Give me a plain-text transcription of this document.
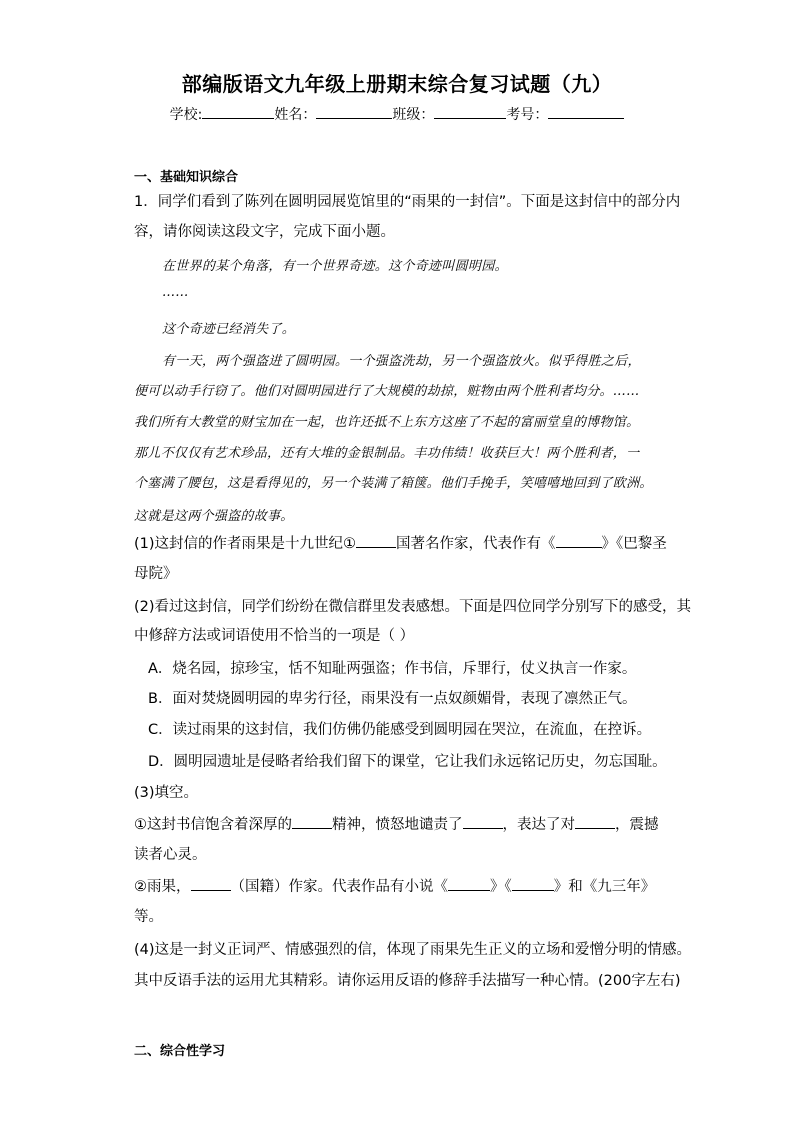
部编版语文九年级上册期末综合复习试题（九）
学校:	姓名：	班级：	考号：
一、基础知识综合
1．同学们看到了陈列在圆明园展览馆里的“雨果的一封信”。下面是这封信中的部分内
容，请你阅读这段文字，完成下面小题。
在世界的某个角落，有一个世界奇迹。这个奇迹叫圆明园。
……
这个奇迹已经消失了。
有一天，两个强盗进了圆明园。一个强盗洗劫，另一个强盗放火。似乎得胜之后，
便可以动手行窃了。他们对圆明园进行了大规模的劫掠，赃物由两个胜利者均分。……
我们所有大教堂的财宝加在一起，也许还抵不上东方这座了不起的富丽堂皇的博物馆。
那儿不仅仅有艺术珍品，还有大堆的金银制品。丰功伟绩！收获巨大！两个胜利者，一
个塞满了腰包，这是看得见的，另一个装满了箱箧。他们手挽手，笑嘻嘻地回到了欧洲。
这就是这两个强盗的故事。
(1)这封信的作者雨果是十九世纪①	国著名作家，代表作有《	》《巴黎圣
母院》
(2)看过这封信，同学们纷纷在微信群里发表感想。下面是四位同学分别写下的感受，其
中修辞方法或词语使用不恰当的一项是（ ）
A．烧名园，掠珍宝，恬不知耻两强盗；作书信，斥罪行，仗义执言一作家。
B．面对焚烧圆明园的卑劣行径，雨果没有一点奴颜媚骨，表现了凛然正气。
C．读过雨果的这封信，我们仿佛仍能感受到圆明园在哭泣，在流血，在控诉。
D．圆明园遗址是侵略者给我们留下的课堂，它让我们永远铭记历史，勿忘国耻。
(3)填空。
①这封书信饱含着深厚的	精神，愤怒地谴责了	，表达了对	，震撼
读者心灵。
②雨果，	（国籍）作家。代表作品有小说《	》《	》和《九三年》
等。
(4)这是一封义正词严、情感强烈的信，体现了雨果先生正义的立场和爱憎分明的情感。
其中反语手法的运用尤其精彩。请你运用反语的修辞手法描写一种心情。(200字左右)
二、综合性学习
